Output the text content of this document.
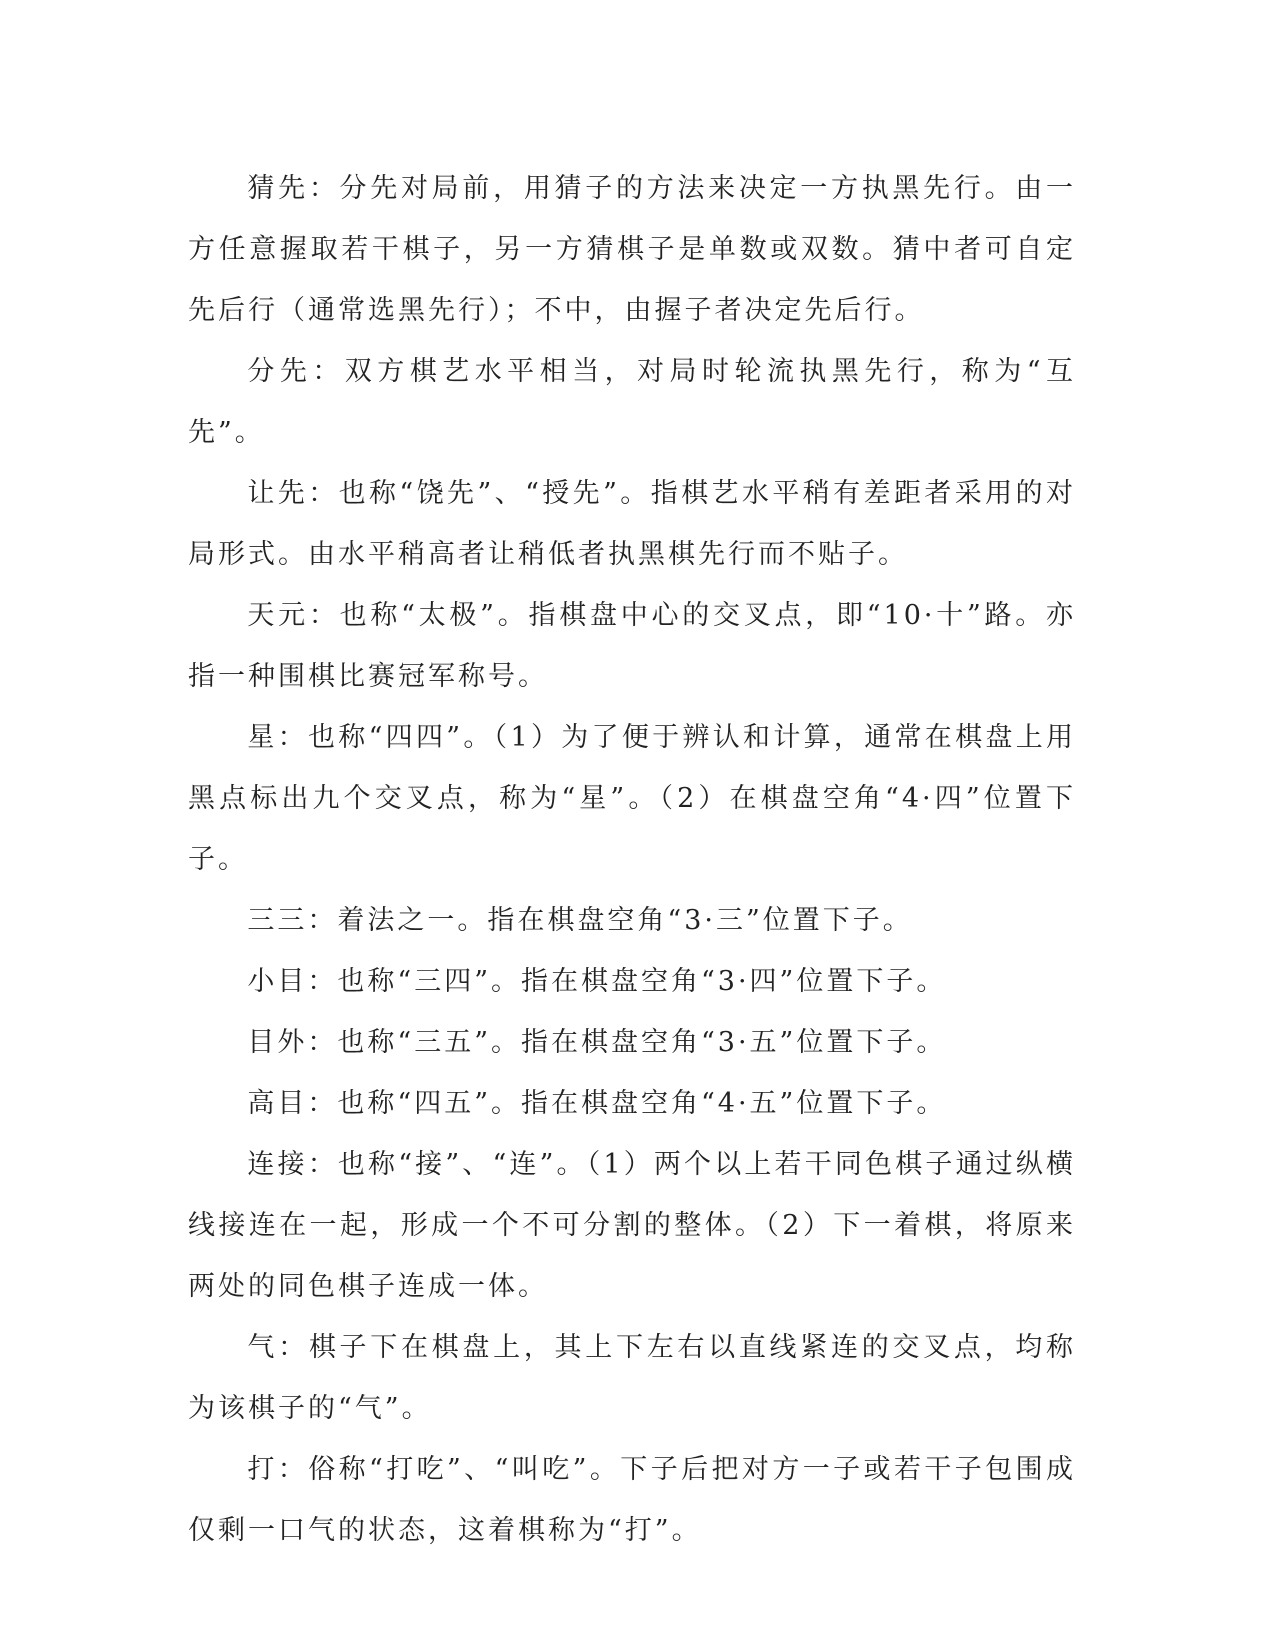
猜先：分先对局前，用猜子的方法来决定一方执黑先行。由一方任意握取若干棋子，另一方猜棋子是单数或双数。猜中者可自定先后行（通常选黑先行）；不中，由握子者决定先后行。

分先：双方棋艺水平相当，对局时轮流执黑先行，称为“互先”。

让先：也称“饶先”、“授先”。指棋艺水平稍有差距者采用的对局形式。由水平稍高者让稍低者执黑棋先行而不贴子。

天元：也称“太极”。指棋盘中心的交叉点，即“10·十”路。亦指一种围棋比赛冠军称号。

星：也称“四四”。（1）为了便于辨认和计算，通常在棋盘上用黑点标出九个交叉点，称为“星”。（2）在棋盘空角“4·四”位置下子。

三三：着法之一。指在棋盘空角“3·三”位置下子。

小目：也称“三四”。指在棋盘空角“3·四”位置下子。

目外：也称“三五”。指在棋盘空角“3·五”位置下子。

高目：也称“四五”。指在棋盘空角“4·五”位置下子。

连接：也称“接”、“连”。（1）两个以上若干同色棋子通过纵横线接连在一起，形成一个不可分割的整体。（2）下一着棋，将原来两处的同色棋子连成一体。

气：棋子下在棋盘上，其上下左右以直线紧连的交叉点，均称为该棋子的“气”。

打：俗称“打吃”、“叫吃”。下子后把对方一子或若干子包围成仅剩一口气的状态，这着棋称为“打”。
